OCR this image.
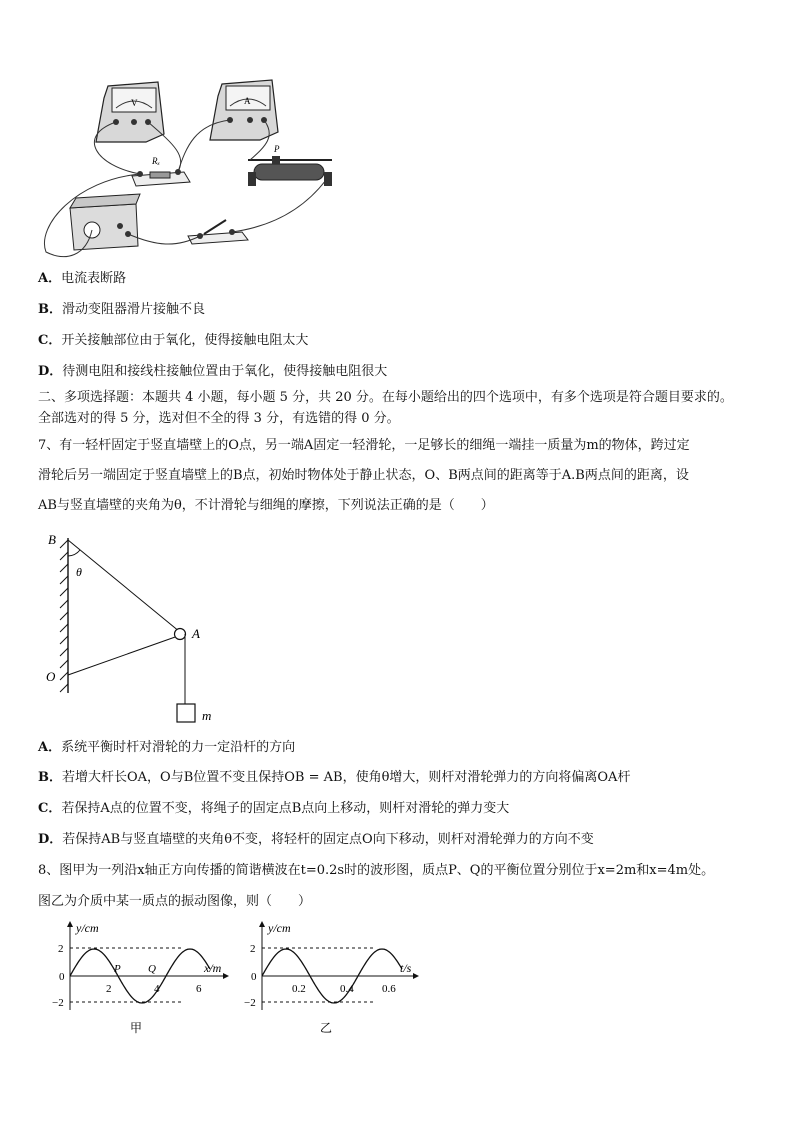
V	A
Rₓ
P
A．电流表断路
B．滑动变阻器滑片接触不良
C．开关接触部位由于氧化，使得接触电阻太大
D．待测电阻和接线柱接触位置由于氧化，使得接触电阻很大
二、多项选择题：本题共 4 小题，每小题 5 分，共 20 分。在每小题给出的四个选项中，有多个选项是符合题目要求的。
全部选对的得 5 分，选对但不全的得 3 分，有选错的得 0 分。
7、有一轻杆固定于竖直墙壁上的O点，另一端A固定一轻滑轮，一足够长的细绳一端挂一质量为m的物体，跨过定
滑轮后另一端固定于竖直墙壁上的B点，初始时物体处于静止状态，O、B两点间的距离等于A.B两点间的距离，设
AB与竖直墙壁的夹角为θ，不计滑轮与细绳的摩擦，下列说法正确的是（　　）
B
θ
A
O
m
A．系统平衡时杆对滑轮的力一定沿杆的方向
B．若增大杆长OA，O与B位置不变且保持OB = AB，使角θ增大，则杆对滑轮弹力的方向将偏离OA杆
C．若保持A点的位置不变，将绳子的固定点B点向上移动，则杆对滑轮的弹力变大
D．若保持AB与竖直墙壁的夹角θ不变，将轻杆的固定点O向下移动，则杆对滑轮弹力的方向不变
8、图甲为一列沿x轴正方向传播的简谐横波在t=0.2s时的波形图，质点P、Q的平衡位置分别位于x=2m和x=4m处。
图乙为介质中某一质点的振动图像，则（　　）
y/cm
x/m
2
−2
0
2	4	6
P Q
甲
y/cm
t/s
2
−2
0
0.2	0.4	0.6
乙
